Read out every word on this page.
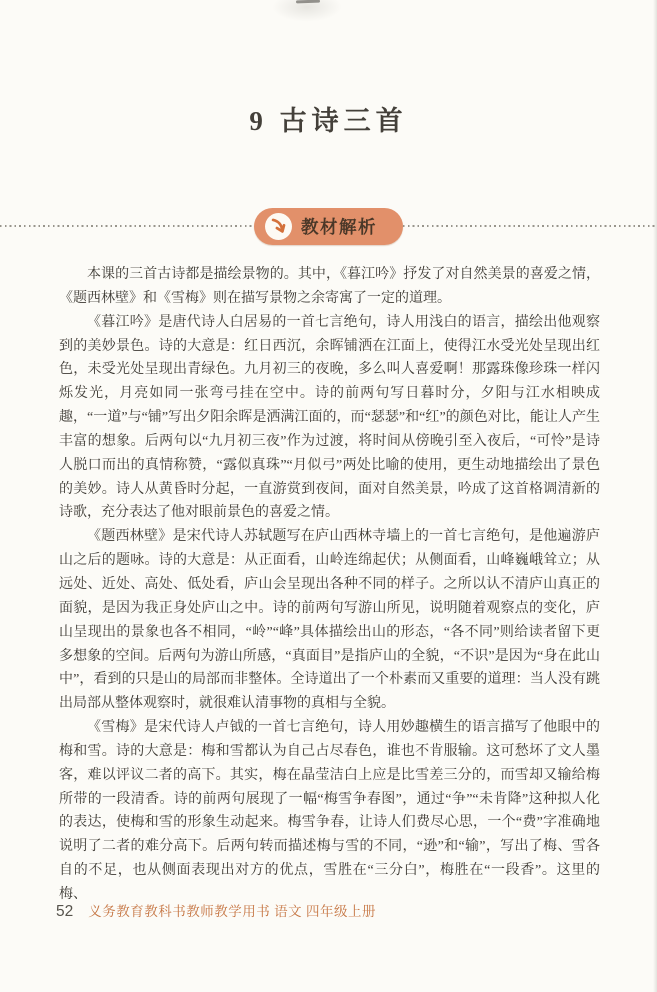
9 古诗三首
教材解析

本课的三首古诗都是描绘景物的。其中，《暮江吟》抒发了对自然美景的喜爱之情，《题西林壁》和《雪梅》则在描写景物之余寄寓了一定的道理。

《暮江吟》是唐代诗人白居易的一首七言绝句，诗人用浅白的语言，描绘出他观察到的美妙景色。诗的大意是：红日西沉，余晖铺洒在江面上，使得江水受光处呈现出红色，未受光处呈现出青绿色。九月初三的夜晚，多么叫人喜爱啊！那露珠像珍珠一样闪烁发光，月亮如同一张弯弓挂在空中。诗的前两句写日暮时分，夕阳与江水相映成趣，“一道”与“铺”写出夕阳余晖是洒满江面的，而“瑟瑟”和“红”的颜色对比，能让人产生丰富的想象。后两句以“九月初三夜”作为过渡，将时间从傍晚引至入夜后，“可怜”是诗人脱口而出的真情称赞，“露似真珠”“月似弓”两处比喻的使用，更生动地描绘出了景色的美妙。诗人从黄昏时分起，一直游赏到夜间，面对自然美景，吟成了这首格调清新的诗歌，充分表达了他对眼前景色的喜爱之情。

《题西林壁》是宋代诗人苏轼题写在庐山西林寺墙上的一首七言绝句，是他遍游庐山之后的题咏。诗的大意是：从正面看，山岭连绵起伏；从侧面看，山峰巍峨耸立；从远处、近处、高处、低处看，庐山会呈现出各种不同的样子。之所以认不清庐山真正的面貌，是因为我正身处庐山之中。诗的前两句写游山所见，说明随着观察点的变化，庐山呈现出的景象也各不相同，“岭”“峰”具体描绘出山的形态，“各不同”则给读者留下更多想象的空间。后两句为游山所感，“真面目”是指庐山的全貌，“不识”是因为“身在此山中”，看到的只是山的局部而非整体。全诗道出了一个朴素而又重要的道理：当人没有跳出局部从整体观察时，就很难认清事物的真相与全貌。

《雪梅》是宋代诗人卢钺的一首七言绝句，诗人用妙趣横生的语言描写了他眼中的梅和雪。诗的大意是：梅和雪都认为自己占尽春色，谁也不肯服输。这可愁坏了文人墨客，难以评议二者的高下。其实，梅在晶莹洁白上应是比雪差三分的，而雪却又输给梅所带的一段清香。诗的前两句展现了一幅“梅雪争春图”，通过“争”“未肯降”这种拟人化的表达，使梅和雪的形象生动起来。梅雪争春，让诗人们费尽心思，一个“费”字准确地说明了二者的难分高下。后两句转而描述梅与雪的不同，“逊”和“输”，写出了梅、雪各自的不足，也从侧面表现出对方的优点，雪胜在“三分白”，梅胜在“一段香”。这里的梅、

52 义务教育教科书教师教学用书 语文 四年级上册
